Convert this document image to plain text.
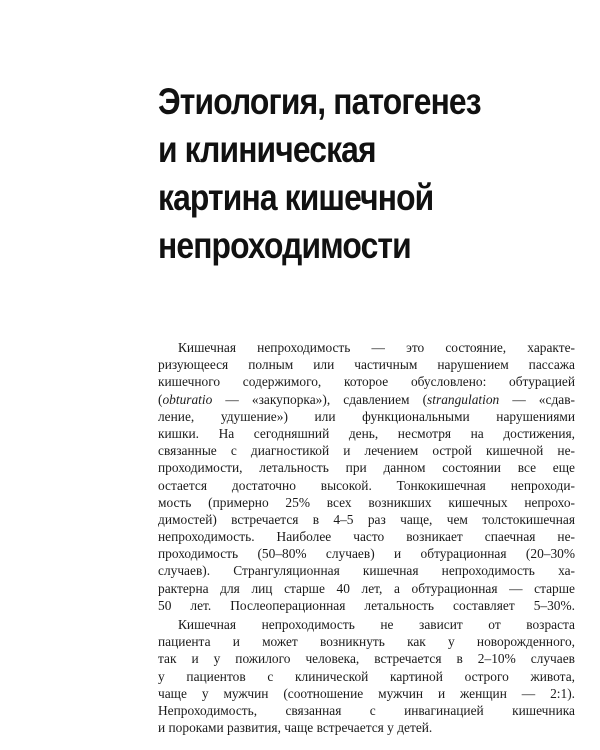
Этиология, патогенез
и клиническая
картина кишечной
непроходимости
Кишечная непроходимость — это состояние, характе-
ризующееся полным или частичным нарушением пассажа
кишечного содержимого, которое обусловлено: обтурацией
(obturatio — «закупорка»), сдавлением (strangulation — «сдав-
ление, удушение») или функциональными нарушениями
кишки. На сегодняшний день, несмотря на достижения,
связанные с диагностикой и лечением острой кишечной не-
проходимости, летальность при данном состоянии все еще
остается достаточно высокой. Тонкокишечная непроходи-
мость (примерно 25% всех возникших кишечных непрохо-
димостей) встречается в 4–5 раз чаще, чем толстокишечная
непроходимость. Наиболее часто возникает спаечная не-
проходимость (50–80% случаев) и обтурационная (20–30%
случаев). Странгуляционная кишечная непроходимость ха-
рактерна для лиц старше 40 лет, а обтурационная — старше
50 лет. Послеоперационная летальность составляет 5–30%.
Кишечная непроходимость не зависит от возраста
пациента и может возникнуть как у новорожденного,
так и у пожилого человека, встречается в 2–10% случаев
у пациентов с клинической картиной острого живота,
чаще у мужчин (соотношение мужчин и женщин — 2:1).
Непроходимость, связанная с инвагинацией кишечника
и пороками развития, чаще встречается у детей.
